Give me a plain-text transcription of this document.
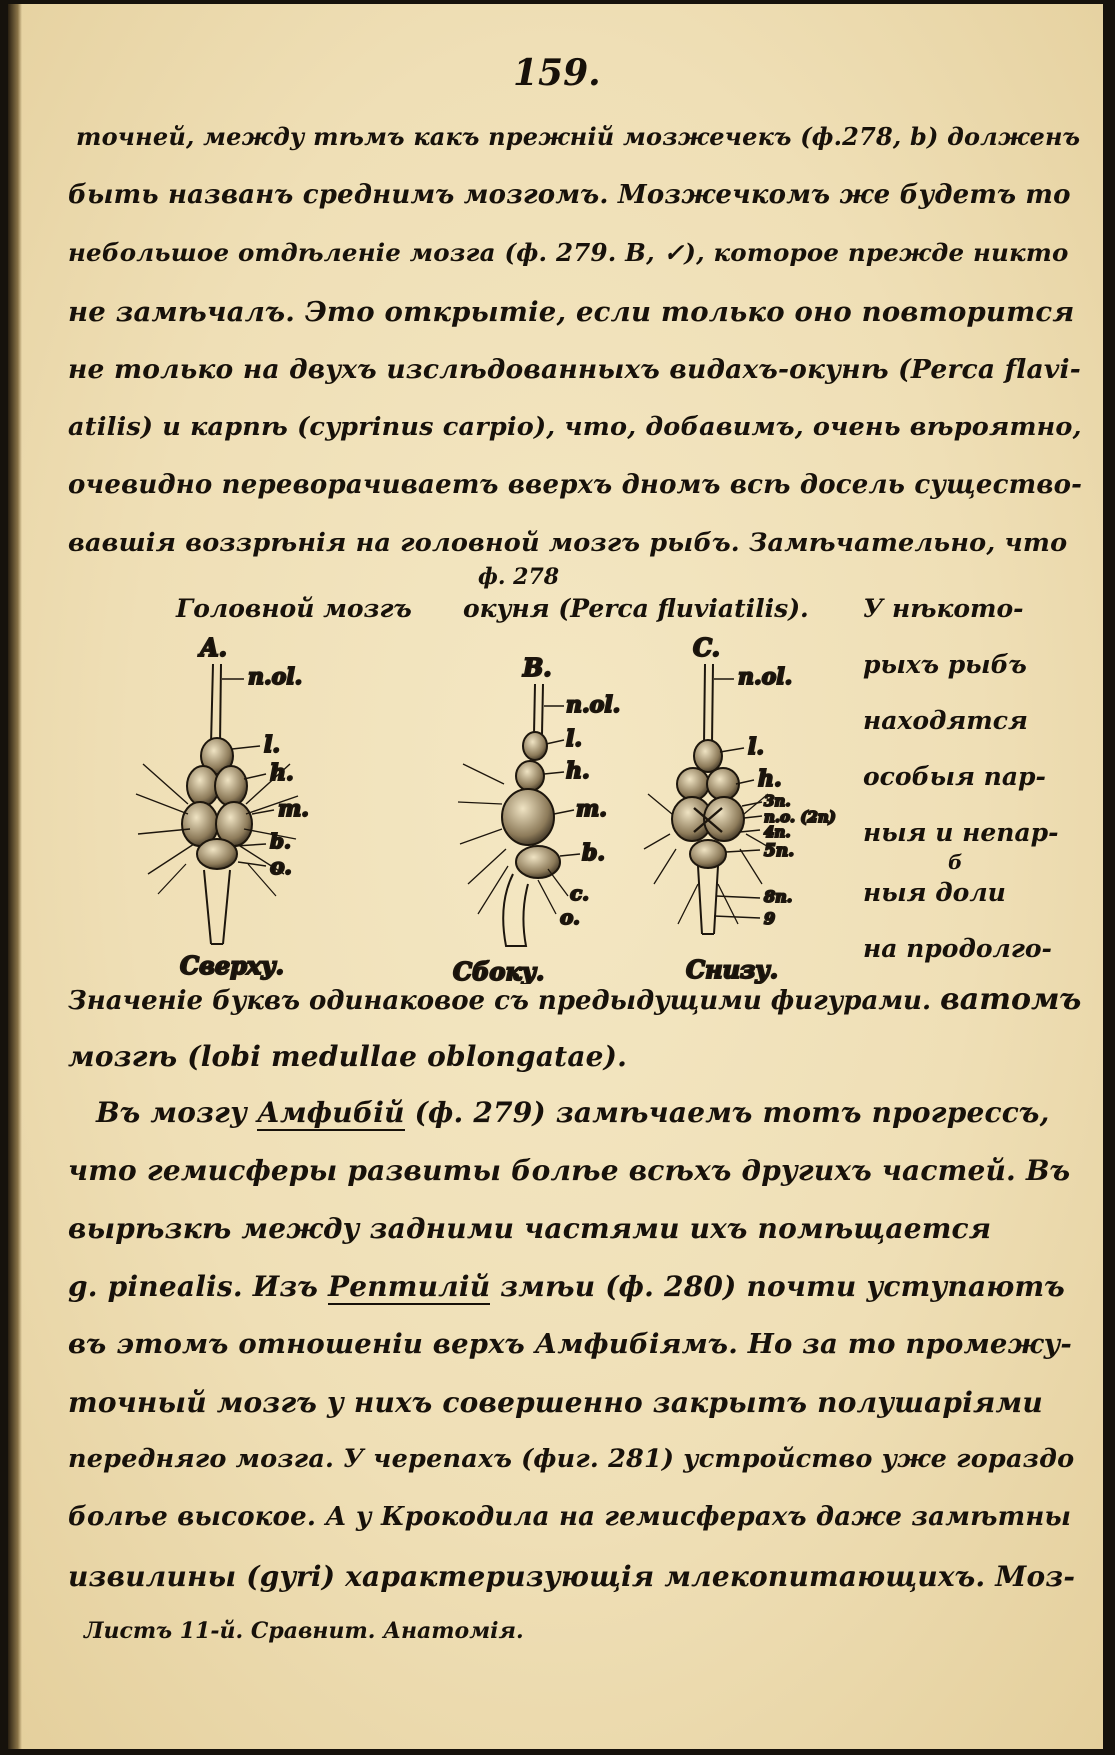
159.

точней, между тѣмъ какъ прежній мозжечекъ (ф.278, b) долженъ

быть названъ среднимъ мозгомъ. Мозжечкомъ же будетъ то

небольшое отдѣленіе мозга (ф. 279. B, ✓), которое прежде никто

не замѣчалъ. Это открытіе, если только оно повторится

не только на двухъ изслѣдованныхъ видахъ-окунѣ (Perca flavi-

atilis) и карпѣ (cyprinus carpio), что, добавимъ, очень вѣроятно,

очевидно переворачиваетъ вверхъ дномъ всѣ досель существо-

вавшія воззрѣнія на головной мозгъ рыбъ. Замѣчательно, что

ф. 278

Головной мозгъ окуня (Perca fluviatilis). У нѣкото-

рыхъ рыбъ

находятся

особыя пар-

ныя и непар-

ныя доли

б

на продолго-

A.
n.ol.
l.
h.
m.
b.
o.
Сверху.
B.
n.ol.
l.
h.
m.
b.
c.
o.
Сбоку.
C.
n.ol.
l.
h.
3n.
n.o. (2n)
4n.
5n.
8n.
9
Снизу.

Значеніе буквъ одинаковое съ предыдущими фигурами. ватомъ

мозгѣ (lobi medullae oblongatae).

Въ мозгу Амфибій (ф. 279) замѣчаемъ тотъ прогрессъ,

что гемисферы развиты болѣе всѣхъ другихъ частей. Въ

вырѣзкѣ между задними частями ихъ помѣщается

g. pinealis. Изъ Рептилій змѣи (ф. 280) почти уступаютъ

въ этомъ отношеніи верхъ Амфибіямъ. Но за то промежу-

точный мозгъ у нихъ совершенно закрытъ полушаріями

передняго мозга. У черепахъ (фиг. 281) устройство уже гораздо

болѣе высокое. А у Крокодила на гемисферахъ даже замѣтны

извилины (gyri) характеризующія млекопитающихъ. Моз-

Листъ 11-й. Сравнит. Анатомія.
